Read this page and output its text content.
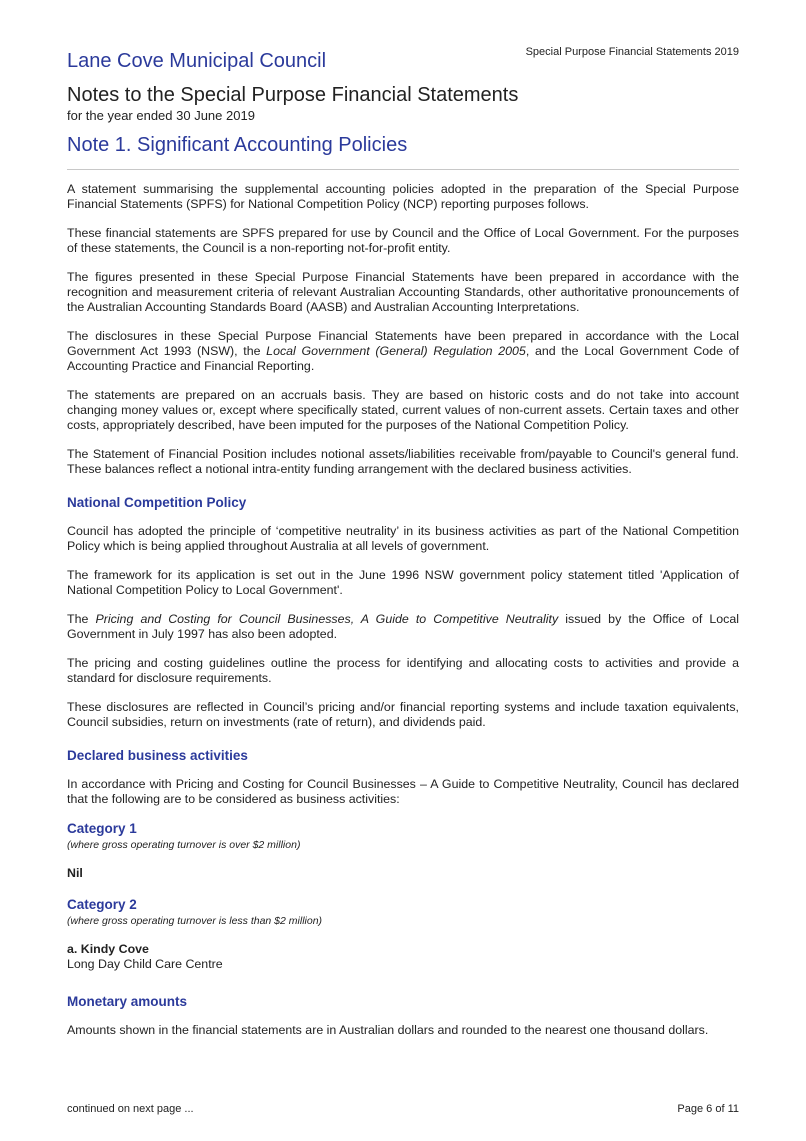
Lane Cove Municipal Council	Special Purpose Financial Statements 2019
Notes to the Special Purpose Financial Statements
for the year ended 30 June 2019
Note 1. Significant Accounting Policies

A statement summarising the supplemental accounting policies adopted in the preparation of the Special Purpose Financial Statements (SPFS) for National Competition Policy (NCP) reporting purposes follows.

These financial statements are SPFS prepared for use by Council and the Office of Local Government. For the purposes of these statements, the Council is a non-reporting not-for-profit entity.

The figures presented in these Special Purpose Financial Statements have been prepared in accordance with the recognition and measurement criteria of relevant Australian Accounting Standards, other authoritative pronouncements of the Australian Accounting Standards Board (AASB) and Australian Accounting Interpretations.

The disclosures in these Special Purpose Financial Statements have been prepared in accordance with the Local Government Act 1993 (NSW), the Local Government (General) Regulation 2005, and the Local Government Code of Accounting Practice and Financial Reporting.

The statements are prepared on an accruals basis. They are based on historic costs and do not take into account changing money values or, except where specifically stated, current values of non-current assets. Certain taxes and other costs, appropriately described, have been imputed for the purposes of the National Competition Policy.

The Statement of Financial Position includes notional assets/liabilities receivable from/payable to Council's general fund. These balances reflect a notional intra-entity funding arrangement with the declared business activities.

National Competition Policy

Council has adopted the principle of ‘competitive neutrality’ in its business activities as part of the National Competition Policy which is being applied throughout Australia at all levels of government.

The framework for its application is set out in the June 1996 NSW government policy statement titled 'Application of National Competition Policy to Local Government'.

The Pricing and Costing for Council Businesses, A Guide to Competitive Neutrality issued by the Office of Local Government in July 1997 has also been adopted.

The pricing and costing guidelines outline the process for identifying and allocating costs to activities and provide a standard for disclosure requirements.

These disclosures are reflected in Council’s pricing and/or financial reporting systems and include taxation equivalents, Council subsidies, return on investments (rate of return), and dividends paid.

Declared business activities

In accordance with Pricing and Costing for Council Businesses – A Guide to Competitive Neutrality, Council has declared that the following are to be considered as business activities:

Category 1
(where gross operating turnover is over $2 million)
Nil
Category 2
(where gross operating turnover is less than $2 million)
a. Kindy Cove
Long Day Child Care Centre
Monetary amounts

Amounts shown in the financial statements are in Australian dollars and rounded to the nearest one thousand dollars.

continued on next page ...	Page 6 of 11
